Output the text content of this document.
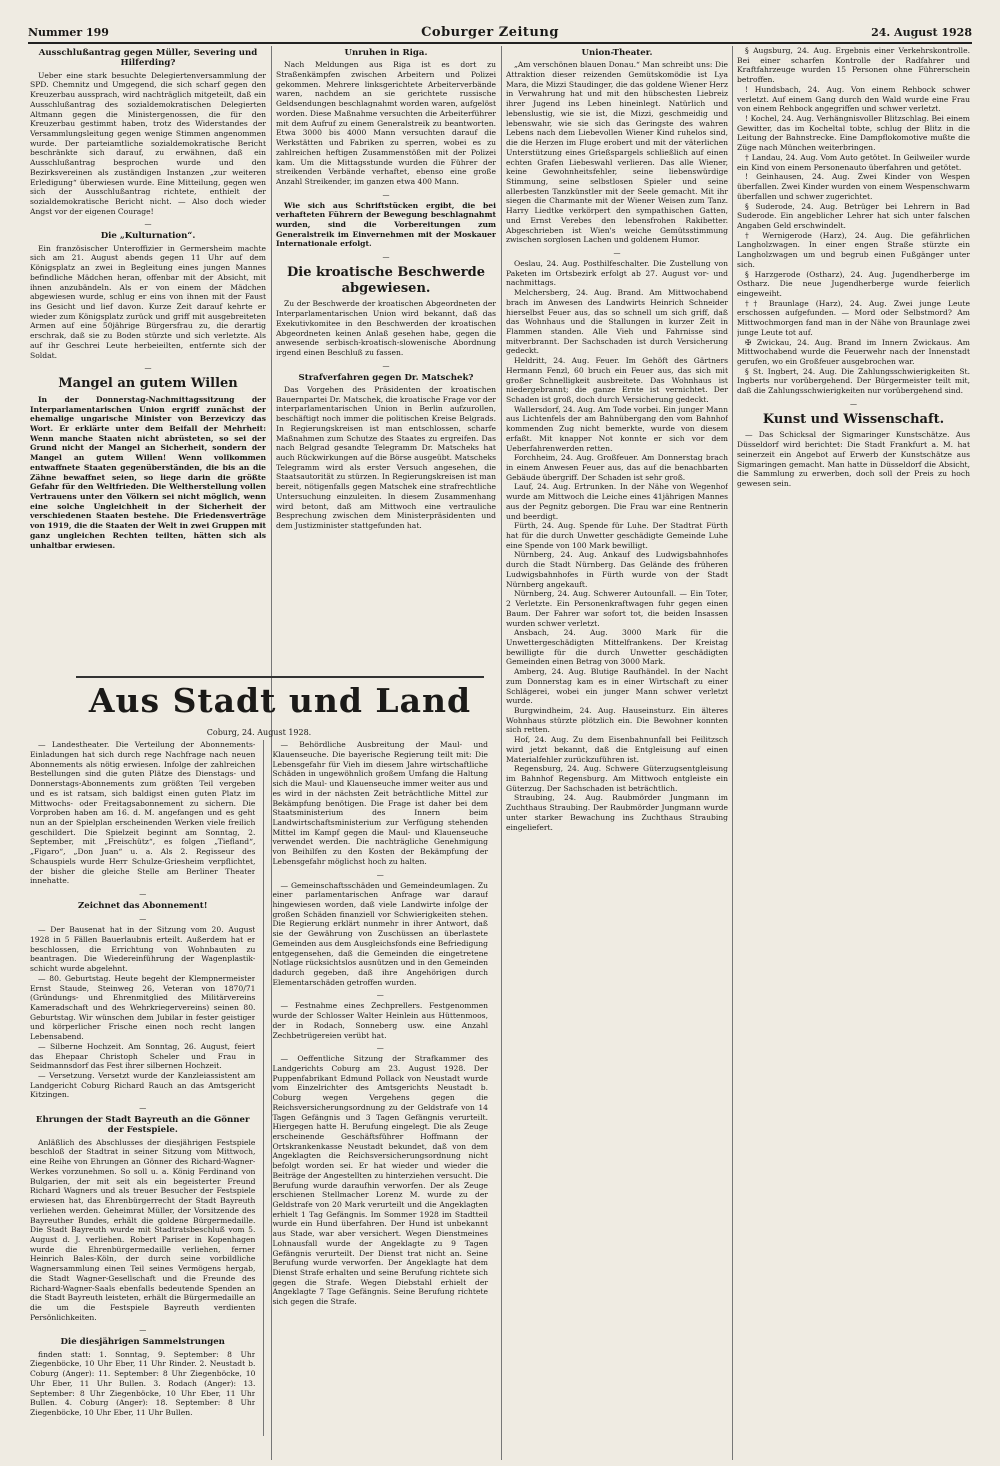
Nummer 199	Coburger Zeitung	24. August 1928
Ausschlußantrag gegen Müller, Severing und Hilferding?

Ueber eine stark besuchte Delegiertenversammlung der SPD. Chemnitz und Umgegend, die sich scharf gegen den Kreuzerbau aussprach, wird nachträglich mitgeteilt, daß ein Ausschlußantrag des sozialdemokratischen Delegierten Altmann gegen die Ministergenossen, die für den Kreuzerbau gestimmt haben, trotz des Widerstandes der Versammlungsleitung gegen wenige Stimmen angenommen wurde. Der parteiamtliche sozialdemokratische Bericht beschränkte sich darauf, zu erwähnen, daß ein Ausschlußantrag besprochen wurde und den Bezirksvereinen als zuständigen Instanzen „zur weiteren Erledigung“ überwiesen wurde. Eine Mitteilung, gegen wen sich der Ausschlußantrag richtete, enthielt der sozialdemokratische Bericht nicht. — Also doch wieder Angst vor der eigenen Courage!

—
Die „Kulturnation“.

Ein französischer Unteroffizier in Germersheim machte sich am 21. August abends gegen 11 Uhr auf dem Königsplatz an zwei in Begleitung eines jungen Mannes befindliche Mädchen heran, offenbar mit der Absicht, mit ihnen anzubändeln. Als er von einem der Mädchen abgewiesen wurde, schlug er eins von ihnen mit der Faust ins Gesicht und lief davon. Kurze Zeit darauf kehrte er wieder zum Königsplatz zurück und griff mit ausgebreiteten Armen auf eine 50jährige Bürgersfrau zu, die derartig erschrak, daß sie zu Boden stürzte und sich verletzte. Als auf ihr Geschrei Leute herbeieilten, entfernte sich der Soldat.

—
Mangel an gutem Willen

In der Donnerstag-Nachmittagssitzung der Interparlamentarischen Union ergriff zunächst der ehemalige ungarische Minister von Berzeviczy das Wort. Er erklärte unter dem Beifall der Mehrheit: Wenn manche Staaten nicht abrüsteten, so sei der Grund nicht der Mangel an Sicherheit, sondern der Mangel an gutem Willen! Wenn vollkommen entwaffnete Staaten gegenüberständen, die bis an die Zähne bewaffnet seien, so liege darin die größte Gefahr für den Weltfrieden. Die Weltherstellung vollen Vertrauens unter den Völkern sei nicht möglich, wenn eine solche Ungleichheit in der Sicherheit der verschiedenen Staaten bestehe. Die Friedensverträge von 1919, die die Staaten der Welt in zwei Gruppen mit ganz ungleichen Rechten teilten, hätten sich als unhaltbar erwiesen.

Unruhen in Riga.

Nach Meldungen aus Riga ist es dort zu Straßenkämpfen zwischen Arbeitern und Polizei gekommen. Mehrere linksgerichtete Arbeiterverbände waren, nachdem an sie gerichtete russische Geldsendungen beschlagnahmt worden waren, aufgelöst worden. Diese Maßnahme versuchten die Arbeiterführer mit dem Aufruf zu einem Generalstreik zu beantworten. Etwa 3000 bis 4000 Mann versuchten darauf die Werkstätten und Fabriken zu sperren, wobei es zu zahlreichen heftigen Zusammenstößen mit der Polizei kam. Um die Mittagsstunde wurden die Führer der streikenden Verbände verhaftet, ebenso eine große Anzahl Streikender, im ganzen etwa 400 Mann.

—

Wie sich aus Schriftstücken ergibt, die bei verhafteten Führern der Bewegung beschlagnahmt wurden, sind die Vorbereitungen zum Generalstreik im Einvernehmen mit der Moskauer Internationale erfolgt.

—
Die kroatische Beschwerde abgewiesen.

Zu der Beschwerde der kroatischen Abgeordneten der Interparlamentarischen Union wird bekannt, daß das Exekutivkomitee in den Beschwerden der kroatischen Abgeordneten keinen Anlaß gesehen habe, gegen die anwesende serbisch-kroatisch-slowenische Abordnung irgend einen Beschluß zu fassen.

—
Strafverfahren gegen Dr. Matschek?

Das Vorgehen des Präsidenten der kroatischen Bauernpartei Dr. Matschek, die kroatische Frage vor der interparlamentarischen Union in Berlin aufzurollen, beschäftigt noch immer die politischen Kreise Belgrads. In Regierungskreisen ist man entschlossen, scharfe Maßnahmen zum Schutze des Staates zu ergreifen. Das nach Belgrad gesandte Telegramm Dr. Matscheks hat auch Rückwirkungen auf die Börse ausgeübt. Matscheks Telegramm wird als erster Versuch angesehen, die Staatsautorität zu stürzen. In Regierungskreisen ist man bereit, nötigenfalls gegen Matschek eine strafrechtliche Untersuchung einzuleiten. In diesem Zusammenhang wird betont, daß am Mittwoch eine vertrauliche Besprechung zwischen dem Ministerpräsidenten und dem Justizminister stattgefunden hat.

Union-Theater.

„Am verschönen blauen Donau.“ Man schreibt uns: Die Attraktion dieser reizenden Gemütskomödie ist Lya Mara, die Mizzi Staudinger, die das goldene Wiener Herz in Verwahrung hat und mit den hübschesten Liebreiz ihrer Jugend ins Leben hineinlegt. Natürlich und lebenslustig, wie sie ist, die Mizzi, geschmeidig und lebenswahr, wie sie sich das Geringste des wahren Lebens nach dem Liebevollen Wiener Kind ruhelos sind, die die Herzen im Fluge erobert und mit der väterlichen Unterstützung eines Grießspargels schließlich auf einen echten Grafen Liebeswahl verlieren. Das alle Wiener, keine Gewohnheitsfehler, seine liebenswürdige Stimmung, seine selbstlosen Spieler und seine allerbesten Tanzkünstler mit der Seele gemacht. Mit ihr siegen die Charmante mit der Wiener Weisen zum Tanz. Harry Liedtke verkörpert den sympathischen Gatten, und Ernst Verebes den lebensfrohen Rakibetter. Abgeschrieben ist Wien's weiche Gemütsstimmung zwischen sorglosen Lachen und goldenem Humor.

—

Oeslau, 24. Aug. Posthilfeschalter. Die Zustellung von Paketen im Ortsbezirk erfolgt ab 27. August vor- und nachmittags.

Melchersberg, 24. Aug. Brand. Am Mittwochabend brach im Anwesen des Landwirts Heinrich Schneider hierselbst Feuer aus, das so schnell um sich griff, daß das Wohnhaus und die Stallungen in kurzer Zeit in Flammen standen. Alle Vieh und Fahrnisse sind mitverbrannt. Der Sachschaden ist durch Versicherung gedeckt.

Heldritt, 24. Aug. Feuer. Im Gehöft des Gärtners Hermann Fenzl, 60 bruch ein Feuer aus, das sich mit großer Schnelligkeit ausbreitete. Das Wohnhaus ist niedergebrannt; die ganze Ernte ist vernichtet. Der Schaden ist groß, doch durch Versicherung gedeckt.

Wallersdorf, 24. Aug. Am Tode vorbei. Ein junger Mann aus Lichtenfels der am Bahnübergang den vom Bahnhof kommenden Zug nicht bemerkte, wurde von diesem erfaßt. Mit knapper Not konnte er sich vor dem Ueberfahrenwerden retten.

Forchheim, 24. Aug. Großfeuer. Am Donnerstag brach in einem Anwesen Feuer aus, das auf die benachbarten Gebäude übergriff. Der Schaden ist sehr groß.

Lauf, 24. Aug. Ertrunken. In der Nähe von Wegenhof wurde am Mittwoch die Leiche eines 41jährigen Mannes aus der Pegnitz geborgen. Die Frau war eine Rentnerin und beerdigt.

Fürth, 24. Aug. Spende für Luhe. Der Stadtrat Fürth hat für die durch Unwetter geschädigte Gemeinde Luhe eine Spende von 100 Mark bewilligt.

Nürnberg, 24. Aug. Ankauf des Ludwigsbahnhofes durch die Stadt Nürnberg. Das Gelände des früheren Ludwigsbahnhofes in Fürth wurde von der Stadt Nürnberg angekauft.

Nürnberg, 24. Aug. Schwerer Autounfall. — Ein Toter, 2 Verletzte. Ein Personenkraftwagen fuhr gegen einen Baum. Der Fahrer war sofort tot, die beiden Insassen wurden schwer verletzt.

Ansbach, 24. Aug. 3000 Mark für die Unwettergeschädigten Mittelfrankens. Der Kreistag bewilligte für die durch Unwetter geschädigten Gemeinden einen Betrag von 3000 Mark.

Amberg, 24. Aug. Blutige Raufhändel. In der Nacht zum Donnerstag kam es in einer Wirtschaft zu einer Schlägerei, wobei ein junger Mann schwer verletzt wurde.

Burgwindheim, 24. Aug. Hauseinsturz. Ein älteres Wohnhaus stürzte plötzlich ein. Die Bewohner konnten sich retten.

Hof, 24. Aug. Zu dem Eisenbahnunfall bei Feilitzsch wird jetzt bekannt, daß die Entgleisung auf einen Materialfehler zurückzuführen ist.

Regensburg, 24. Aug. Schwere Güterzugsentgleisung im Bahnhof Regensburg. Am Mittwoch entgleiste ein Güterzug. Der Sachschaden ist beträchtlich.

Straubing, 24. Aug. Raubmörder Jungmann im Zuchthaus Straubing. Der Raubmörder Jungmann wurde unter starker Bewachung ins Zuchthaus Straubing eingeliefert.

§ Augsburg, 24. Aug. Ergebnis einer Verkehrskontrolle. Bei einer scharfen Kontrolle der Radfahrer und Kraftfahrzeuge wurden 15 Personen ohne Führerschein betroffen.

! Hundsbach, 24. Aug. Von einem Rehbock schwer verletzt. Auf einem Gang durch den Wald wurde eine Frau von einem Rehbock angegriffen und schwer verletzt.

! Kochel, 24. Aug. Verhängnisvoller Blitzschlag. Bei einem Gewitter, das im Kocheltal tobte, schlug der Blitz in die Leitung der Bahnstrecke. Eine Dampflokomotive mußte die Züge nach München weiterbringen.

† Landau, 24. Aug. Vom Auto getötet. In Geilweiler wurde ein Kind von einem Personenauto überfahren und getötet.

! Geinhausen, 24. Aug. Zwei Kinder von Wespen überfallen. Zwei Kinder wurden von einem Wespenschwarm überfallen und schwer zugerichtet.

§ Suderode, 24. Aug. Betrüger bei Lehrern in Bad Suderode. Ein angeblicher Lehrer hat sich unter falschen Angaben Geld erschwindelt.

† Wernigerode (Harz), 24. Aug. Die gefährlichen Langholzwagen. In einer engen Straße stürzte ein Langholzwagen um und begrub einen Fußgänger unter sich.

§ Harzgerode (Ostharz), 24. Aug. Jugendherberge im Ostharz. Die neue Jugendherberge wurde feierlich eingeweiht.

†† Braunlage (Harz), 24. Aug. Zwei junge Leute erschossen aufgefunden. — Mord oder Selbstmord? Am Mittwochmorgen fand man in der Nähe von Braunlage zwei junge Leute tot auf.

✠ Zwickau, 24. Aug. Brand im Innern Zwickaus. Am Mittwochabend wurde die Feuerwehr nach der Innenstadt gerufen, wo ein Großfeuer ausgebrochen war.

§ St. Ingbert, 24. Aug. Die Zahlungsschwierigkeiten St. Ingberts nur vorübergehend. Der Bürgermeister teilt mit, daß die Zahlungsschwierigkeiten nur vorübergehend sind.

—
Kunst und Wissenschaft.

— Das Schicksal der Sigmaringer Kunstschätze. Aus Düsseldorf wird berichtet: Die Stadt Frankfurt a. M. hat seinerzeit ein Angebot auf Erwerb der Kunstschätze aus Sigmaringen gemacht. Man hatte in Düsseldorf die Absicht, die Sammlung zu erwerben, doch soll der Preis zu hoch gewesen sein.

Aus Stadt und Land
Coburg, 24. August 1928.

— Landestheater. Die Verteilung der Abonnements-Einladungen hat sich durch rege Nachfrage nach neuen Abonnements als nötig erwiesen. Infolge der zahlreichen Bestellungen sind die guten Plätze des Dienstags- und Donnerstags-Abonnements zum größten Teil vergeben und es ist ratsam, sich baldigst einen guten Platz im Mittwochs- oder Freitagsabonnement zu sichern. Die Vorproben haben am 16. d. M. angefangen und es geht nun an der Spielplan erscheinenden Werken viele freilich geschildert. Die Spielzeit beginnt am Sonntag, 2. September, mit „Freischütz“, es folgen „Tiefland“, „Figaro“, „Don Juan“ u. a. Als 2. Regisseur des Schauspiels wurde Herr Schulze-Griesheim verpflichtet, der bisher die gleiche Stelle am Berliner Theater innehatte.

—
Zeichnet das Abonnement!
—

— Der Bausenat hat in der Sitzung vom 20. August 1928 in 5 Fällen Bauerlaubnis erteilt. Außerdem hat er beschlossen, die Errichtung von Wohnbauten zu beantragen. Die Wiedereinführung der Wagenplastik- schicht wurde abgelehnt.

— 80. Geburtstag. Heute begeht der Klempnermeister Ernst Staude, Steinweg 26, Veteran von 1870/71 (Gründungs- und Ehrenmitglied des Militärvereins Kameradschaft und des Wehrkriegervereins) seinen 80. Geburtstag. Wir wünschen dem Jubilar in fester geistiger und körperlicher Frische einen noch recht langen Lebensabend.

— Silberne Hochzeit. Am Sonntag, 26. August, feiert das Ehepaar Christoph Scheler und Frau in Seidmannsdorf das Fest ihrer silbernen Hochzeit.

— Versetzung. Versetzt wurde der Kanzleiassistent am Landgericht Coburg Richard Rauch an das Amtsgericht Kitzingen.

—
Ehrungen der Stadt Bayreuth an die Gönner der Festspiele.

Anläßlich des Abschlusses der diesjährigen Festspiele beschloß der Stadtrat in seiner Sitzung vom Mittwoch, eine Reihe von Ehrungen an Gönner des Richard-Wagner-Werkes vorzunehmen. So soll u. a. König Ferdinand von Bulgarien, der mit seit als ein begeisterter Freund Richard Wagners und als treuer Besucher der Festspiele erwiesen hat, das Ehrenbürgerrecht der Stadt Bayreuth verliehen werden. Geheimrat Müller, der Vorsitzende des Bayreuther Bundes, erhält die goldene Bürgermedaille. Die Stadt Bayreuth wurde mit Stadtratsbeschluß vom 5. August d. J. verliehen. Robert Pariser in Kopenhagen wurde die Ehrenbürgermedaille verliehen, ferner Heinrich Bales-Köln, der durch seine vorbildliche Wagnersammlung einen Teil seines Vermögens hergab, die Stadt Wagner-Gesellschaft und die Freunde des Richard-Wagner-Saals ebenfalls bedeutende Spenden an die Stadt Bayreuth leisteten, erhält die Bürgermedaille an die um die Festspiele Bayreuth verdienten Persönlichkeiten.

—
Die diesjährigen Sammelstrungen

finden statt: 1. Sonntag, 9. September: 8 Uhr Ziegenböcke, 10 Uhr Eber, 11 Uhr Rinder. 2. Neustadt b. Coburg (Anger): 11. September: 8 Uhr Ziegenböcke, 10 Uhr Eber, 11 Uhr Bullen. 3. Rodach (Anger): 13. September: 8 Uhr Ziegenböcke, 10 Uhr Eber, 11 Uhr Bullen. 4. Coburg (Anger): 18. September: 8 Uhr Ziegenböcke, 10 Uhr Eber, 11 Uhr Bullen.

— Behördliche Ausbreitung der Maul- und Klauenseuche. Die bayerische Regierung teilt mit: Die Lebensgefahr für Vieh im diesem Jahre wirtschaftliche Schäden in ungewöhnlich großem Umfang die Haltung sich die Maul- und Klauenseuche immer weiter aus und es wird in der nächsten Zeit beträchtliche Mittel zur Bekämpfung benötigen. Die Frage ist daher bei dem Staatsministerium des Innern beim Landwirtschaftsministerium zur Verfügung stehenden Mittel im Kampf gegen die Maul- und Klauenseuche verwendet werden. Die nachträgliche Genehmigung von Beihilfen zu den Kosten der Bekämpfung der Lebensgefahr möglichst hoch zu halten.

—

— Gemeinschaftsschäden und Gemeindeumlagen. Zu einer parlamentarischen Anfrage war darauf hingewiesen worden, daß viele Landwirte infolge der großen Schäden finanziell vor Schwierigkeiten stehen. Die Regierung erklärt nunmehr in ihrer Antwort, daß sie der Gewährung von Zuschüssen an überlastete Gemeinden aus dem Ausgleichsfonds eine Befriedigung entgegensehen, daß die Gemeinden die eingetretene Notlage rücksichtslos ausnützen und in den Gemeinden dadurch gegeben, daß ihre Angehörigen durch Elementarschäden getroffen wurden.

—

— Festnahme eines Zechprellers. Festgenommen wurde der Schlosser Walter Heinlein aus Hüttenmoos, der in Rodach, Sonneberg usw. eine Anzahl Zechbetrügereien verübt hat.

—

— Oeffentliche Sitzung der Strafkammer des Landgerichts Coburg am 23. August 1928. Der Puppenfabrikant Edmund Pollack von Neustadt wurde vom Einzelrichter des Amtsgerichts Neustadt b. Coburg wegen Vergehens gegen die Reichsversicherungsordnung zu der Geldstrafe von 14 Tagen Gefängnis und 3 Tagen Gefängnis verurteilt. Hiergegen hatte H. Berufung eingelegt. Die als Zeuge erscheinende Geschäftsführer Hoffmann der Ortskrankenkasse Neustadt bekundet, daß von dem Angeklagten die Reichsversicherungsordnung nicht befolgt worden sei. Er hat wieder und wieder die Beiträge der Angestellten zu hinterziehen versucht. Die Berufung wurde daraufhin verworfen. Der als Zeuge erschienen Stellmacher Lorenz M. wurde zu der Geldstrafe von 20 Mark verurteilt und die Angeklagten erhielt 1 Tag Gefängnis. Im Sommer 1928 im Stadtteil wurde ein Hund überfahren. Der Hund ist unbekannt aus Stade, war aber versichert. Wegen Dienstmeines Lohnausfall wurde der Angeklagte zu 9 Tagen Gefängnis verurteilt. Der Dienst trat nicht an. Seine Berufung wurde verworfen. Der Angeklagte hat dem Dienst Strafe erhalten und seine Berufung richtete sich gegen die Strafe. Wegen Diebstahl erhielt der Angeklagte 7 Tage Gefängnis. Seine Berufung richtete sich gegen die Strafe.
